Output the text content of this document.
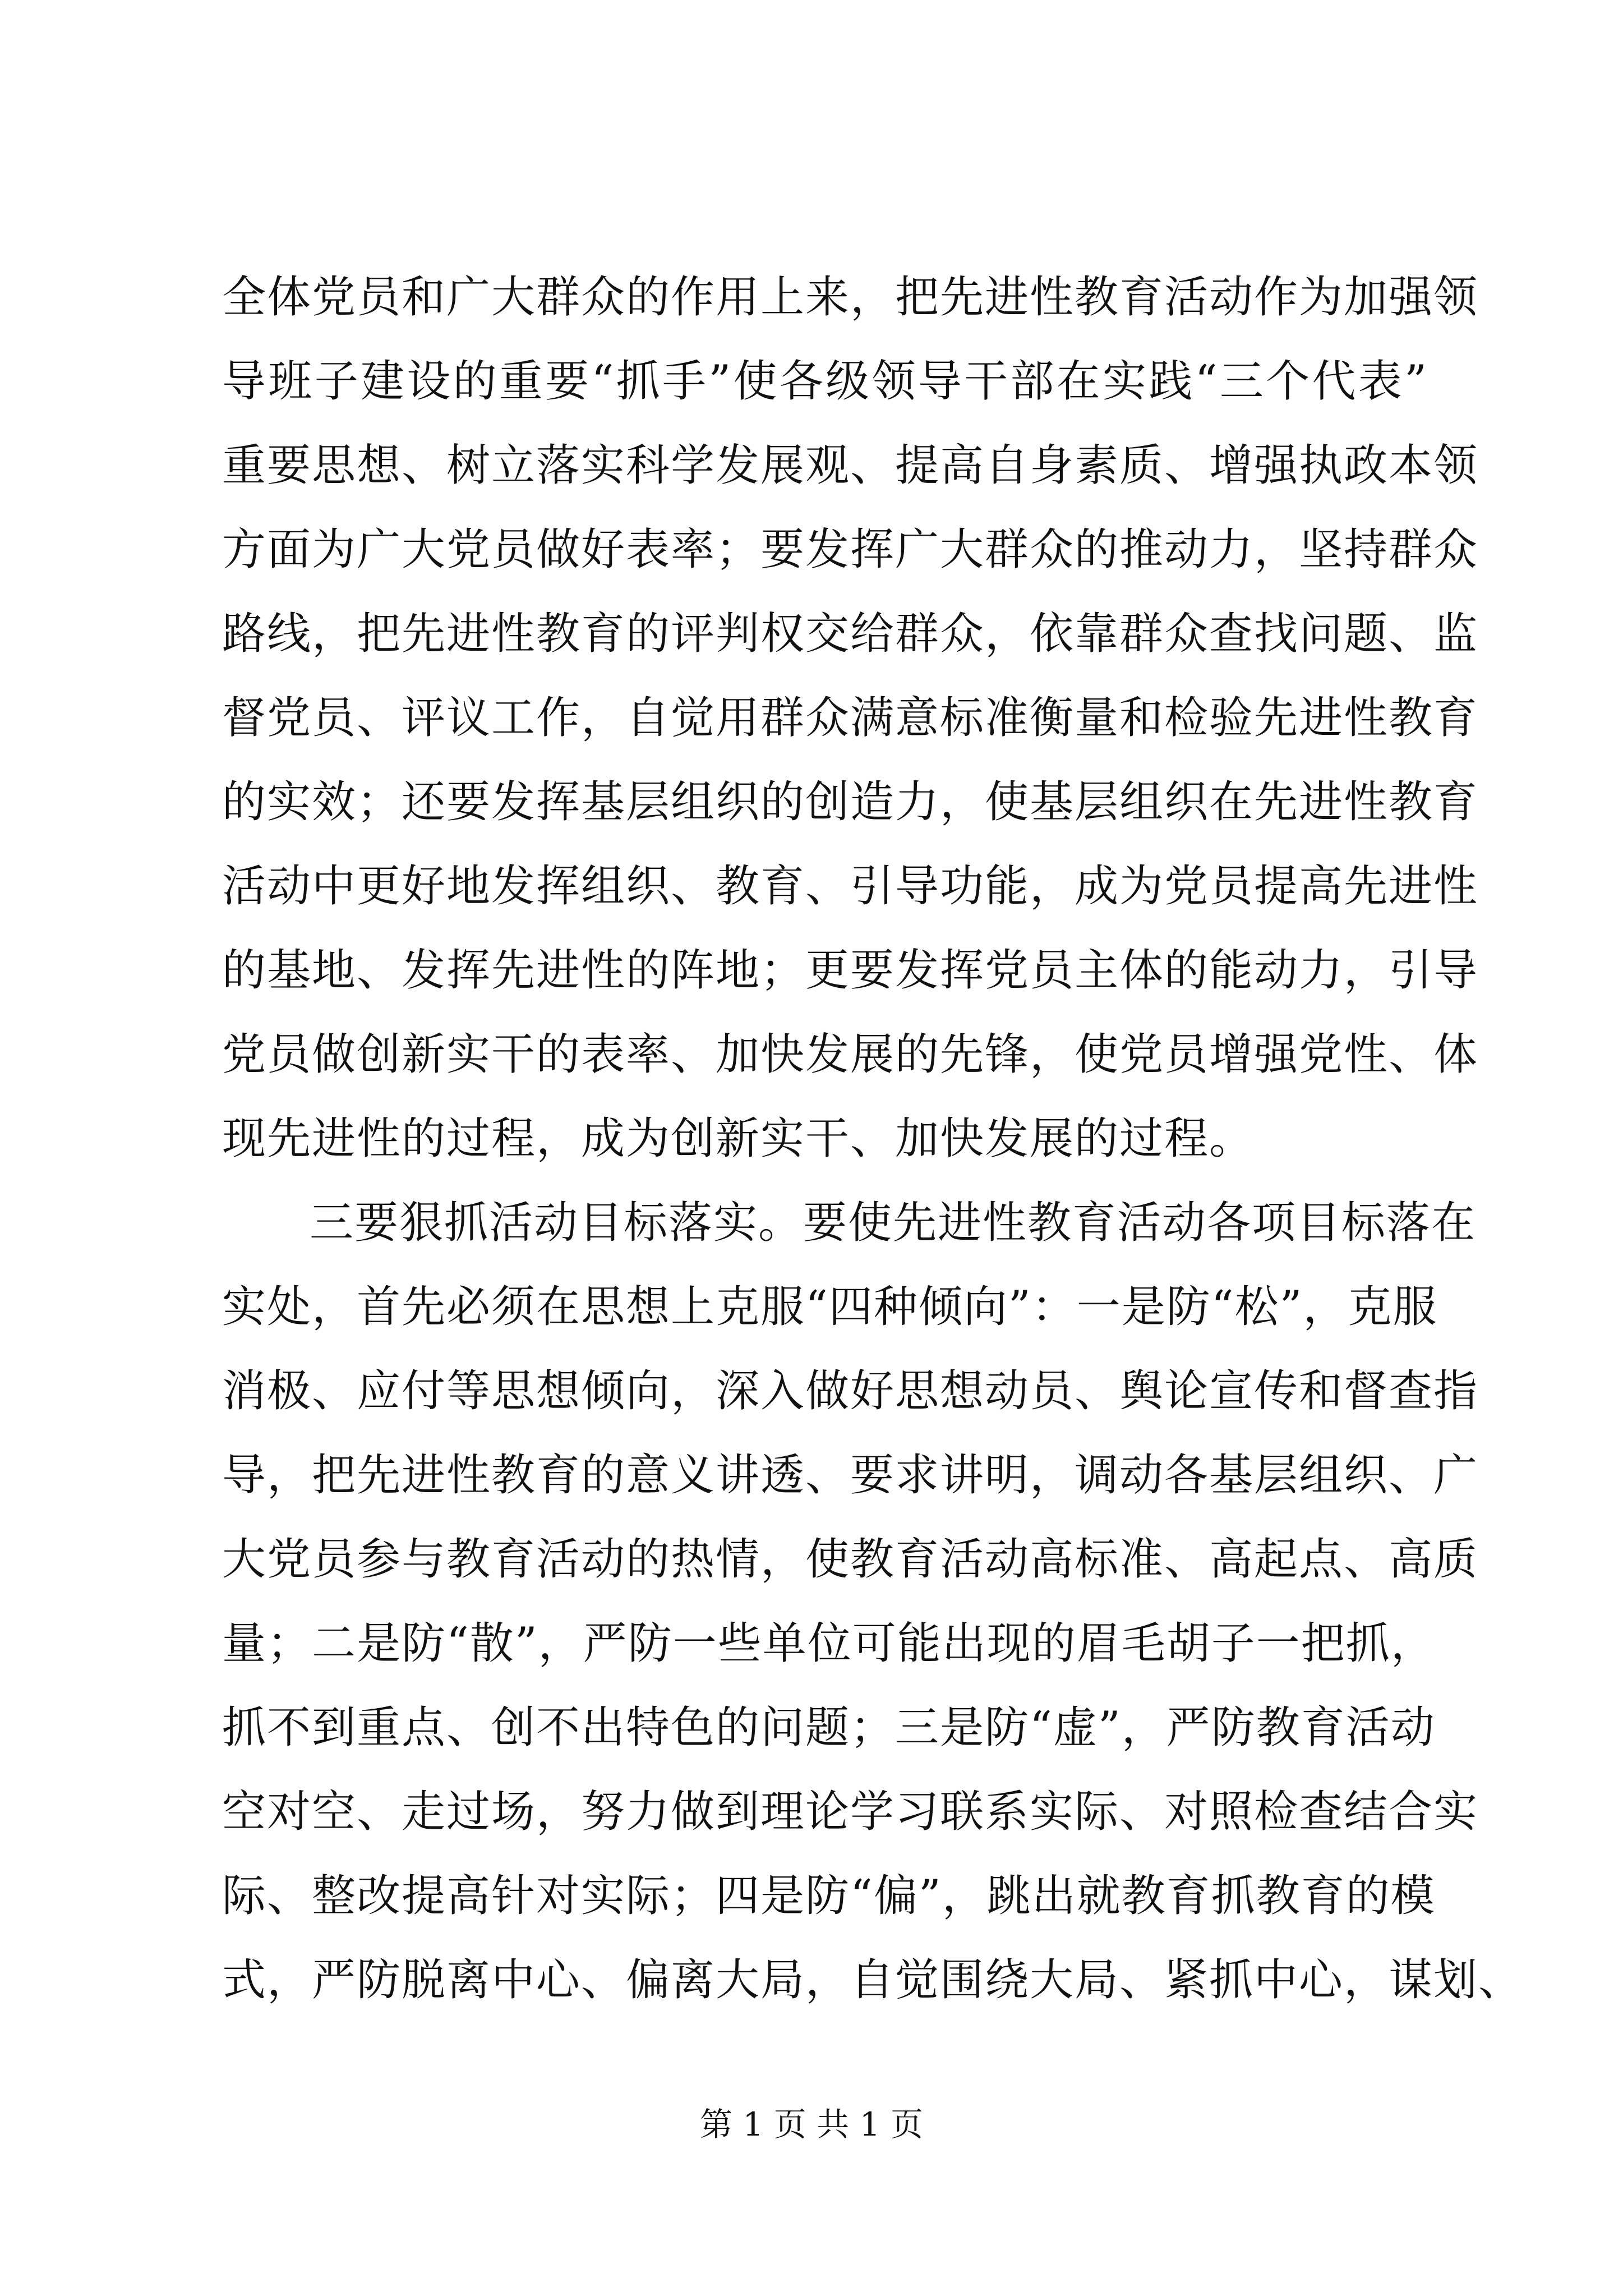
全体党员和广大群众的作用上来，把先进性教育活动作为加强领
导班子建设的重要“抓手”使各级领导干部在实践“三个代表”
重要思想、树立落实科学发展观、提高自身素质、增强执政本领
方面为广大党员做好表率；要发挥广大群众的推动力，坚持群众
路线，把先进性教育的评判权交给群众，依靠群众查找问题、监
督党员、评议工作，自觉用群众满意标准衡量和检验先进性教育
的实效；还要发挥基层组织的创造力，使基层组织在先进性教育
活动中更好地发挥组织、教育、引导功能，成为党员提高先进性
的基地、发挥先进性的阵地；更要发挥党员主体的能动力，引导
党员做创新实干的表率、加快发展的先锋，使党员增强党性、体
现先进性的过程，成为创新实干、加快发展的过程。
三要狠抓活动目标落实。要使先进性教育活动各项目标落在
实处，首先必须在思想上克服“四种倾向”：一是防“松”，克服
消极、应付等思想倾向，深入做好思想动员、舆论宣传和督查指
导，把先进性教育的意义讲透、要求讲明，调动各基层组织、广
大党员参与教育活动的热情，使教育活动高标准、高起点、高质
量；二是防“散”，严防一些单位可能出现的眉毛胡子一把抓，
抓不到重点、创不出特色的问题；三是防“虚”，严防教育活动
空对空、走过场，努力做到理论学习联系实际、对照检查结合实
际、整改提高针对实际；四是防“偏”，跳出就教育抓教育的模
式，严防脱离中心、偏离大局，自觉围绕大局、紧抓中心，谋划、
第 1 页 共 1 页
